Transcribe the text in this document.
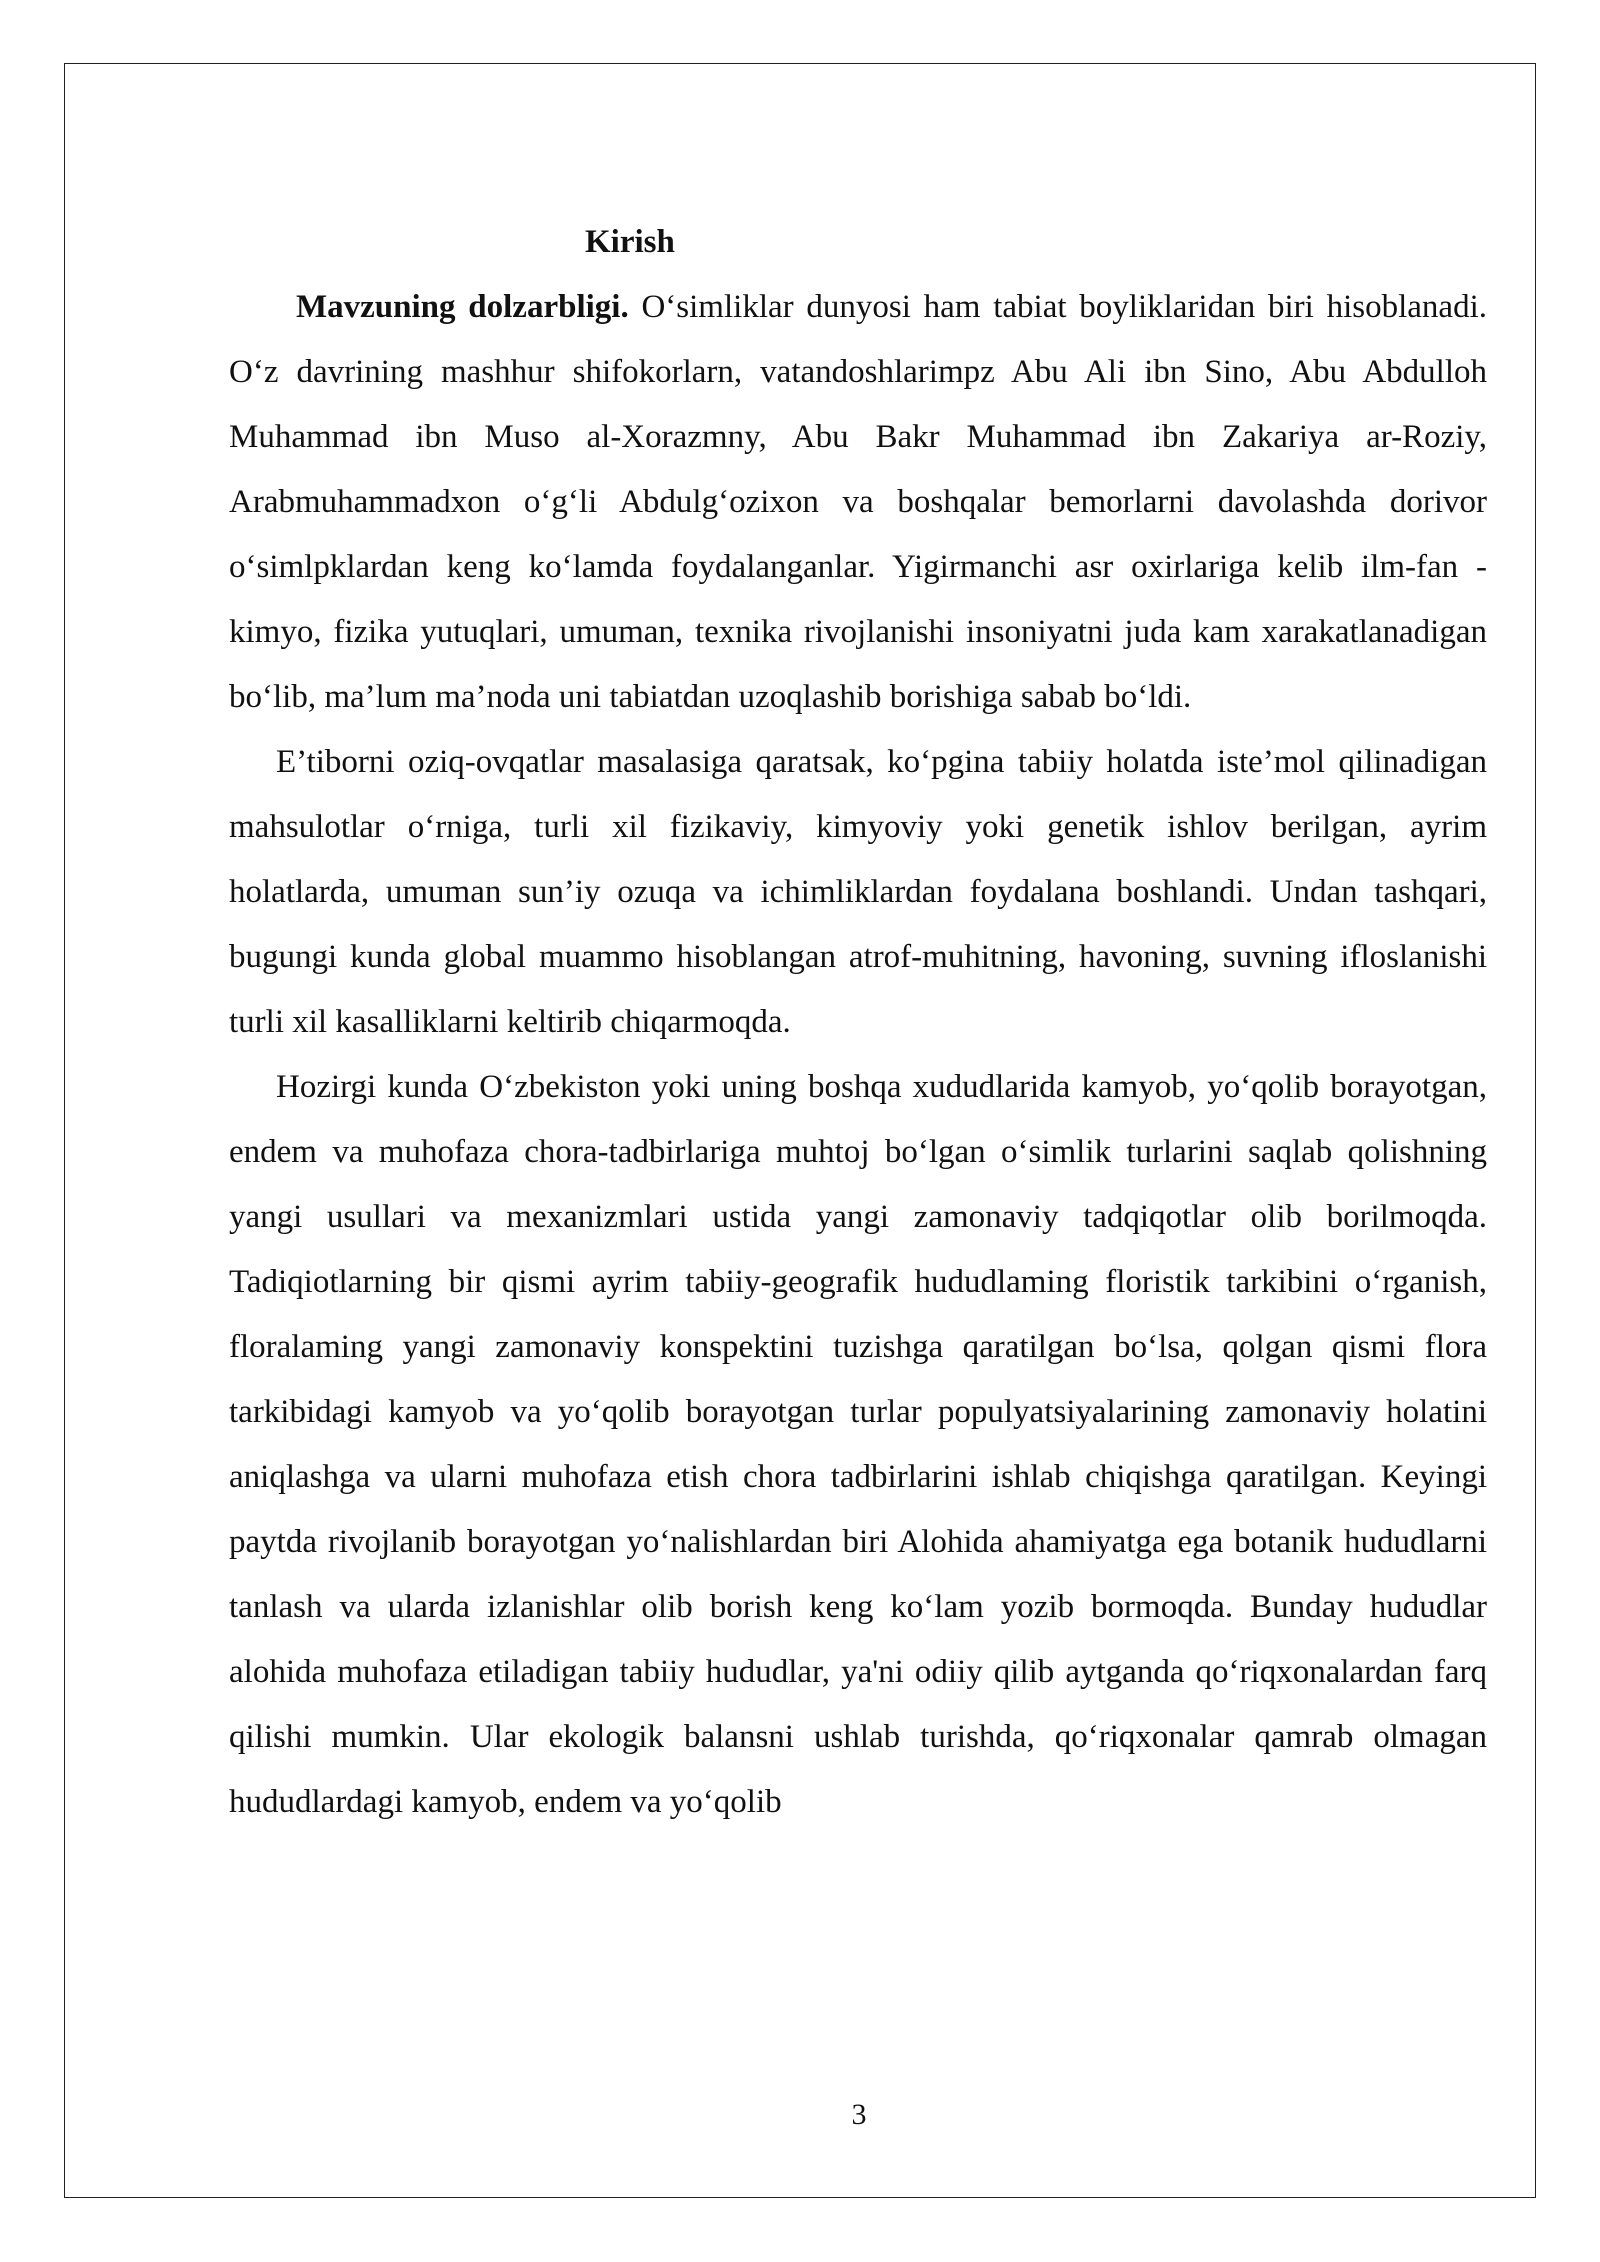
Kirish

Mavzuning dolzarbligi. O‘simliklar dunyosi ham tabiat boyliklaridan biri hisoblanadi. O‘z davrining mashhur shifokorlarn, vatandoshlarimpz Abu Ali ibn Sino, Abu Abdulloh Muhammad ibn Muso al-Xorazmny, Abu Bakr Muhammad ibn Zakariya ar-Roziy, Arabmuhammadxon o‘g‘li Abdulg‘ozixon va boshqalar bemorlarni davolashda dorivor o‘simlpklardan keng ko‘lamda foydalanganlar. Yigirmanchi asr oxirlariga kelib ilm-fan - kimyo, fizika yutuqlari, umuman, texnika rivojlanishi insoniyatni juda kam xarakatlanadigan bo‘lib, ma’lum ma’noda uni tabiatdan uzoqlashib borishiga sabab bo‘ldi.

E’tiborni oziq-ovqatlar masalasiga qaratsak, ko‘pgina tabiiy holatda iste’mol qilinadigan mahsulotlar o‘rniga, turli xil fizikaviy, kimyoviy yoki genetik ishlov berilgan, ayrim holatlarda, umuman sun’iy ozuqa va ichimliklardan foydalana boshlandi. Undan tashqari, bugungi kunda global muammo hisoblangan atrof-muhitning, havoning, suvning ifloslanishi turli xil kasalliklarni keltirib chiqarmoqda.

Hozirgi kunda O‘zbekiston yoki uning boshqa xududlarida kamyob, yo‘qolib borayotgan, endem va muhofaza chora-tadbirlariga muhtoj bo‘lgan o‘simlik turlarini saqlab qolishning yangi usullari va mexanizmlari ustida yangi zamonaviy tadqiqotlar olib borilmoqda. Tadiqiotlarning bir qismi ayrim tabiiy-geografik hududlaming floristik tarkibini o‘rganish, floralaming yangi zamonaviy konspektini tuzishga qaratilgan bo‘lsa, qolgan qismi flora tarkibidagi kamyob va yo‘qolib borayotgan turlar populyatsiyalarining zamonaviy holatini aniqlashga va ularni muhofaza etish chora tadbirlarini ishlab chiqishga qaratilgan. Keyingi paytda rivojlanib borayotgan yo‘nalishlardan biri Alohida ahamiyatga ega botanik hududlarni tanlash va ularda izlanishlar olib borish keng ko‘lam yozib bormoqda. Bunday hududlar alohida muhofaza etiladigan tabiiy hududlar, ya'ni odiiy qilib aytganda qo‘riqxonalardan farq qilishi mumkin. Ular ekologik balansni ushlab turishda, qo‘riqxonalar qamrab olmagan hududlardagi kamyob, endem va yo‘qolib

3
